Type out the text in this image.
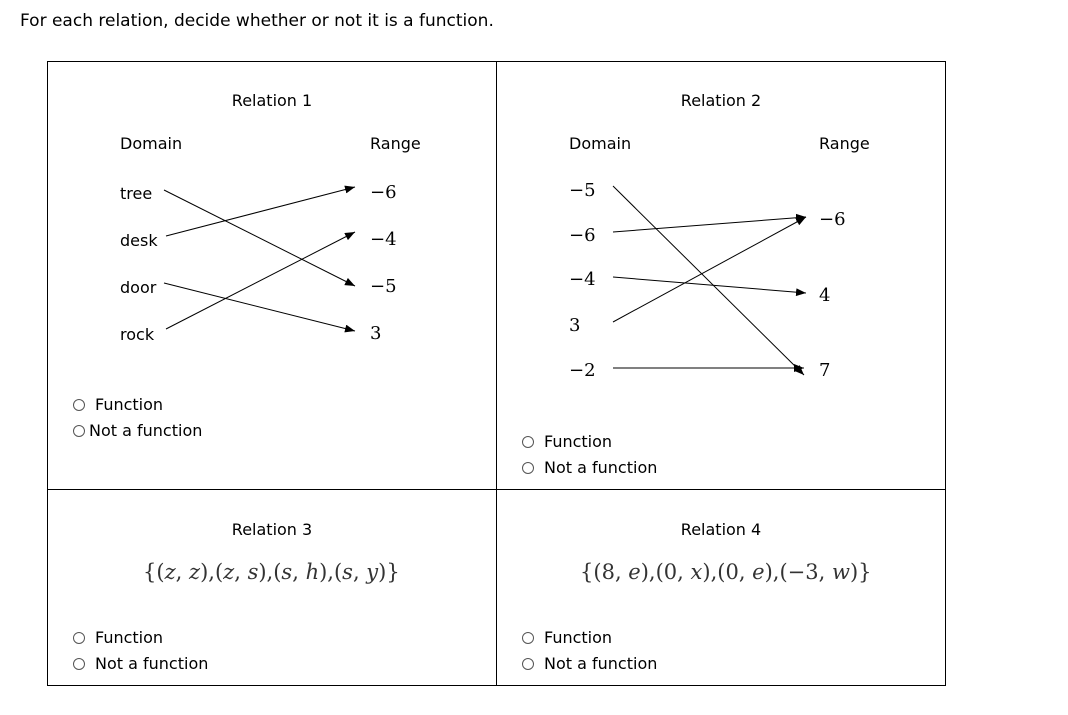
For each relation, decide whether or not it is a function.
Relation 1
Domain	Range
tree
desk
door
rock
−6
−4
−5
3
Function
Not a function
Relation 2
Domain	Range
−5
−6
−4
3
−2
−6
4
7
Function
Not a function
Relation 3
{(z, z),(z, s),(s, h),(s, y)}
Function
Not a function
Relation 4
{(8, e),(0, x),(0, e),(−3, w)}
Function
Not a function
